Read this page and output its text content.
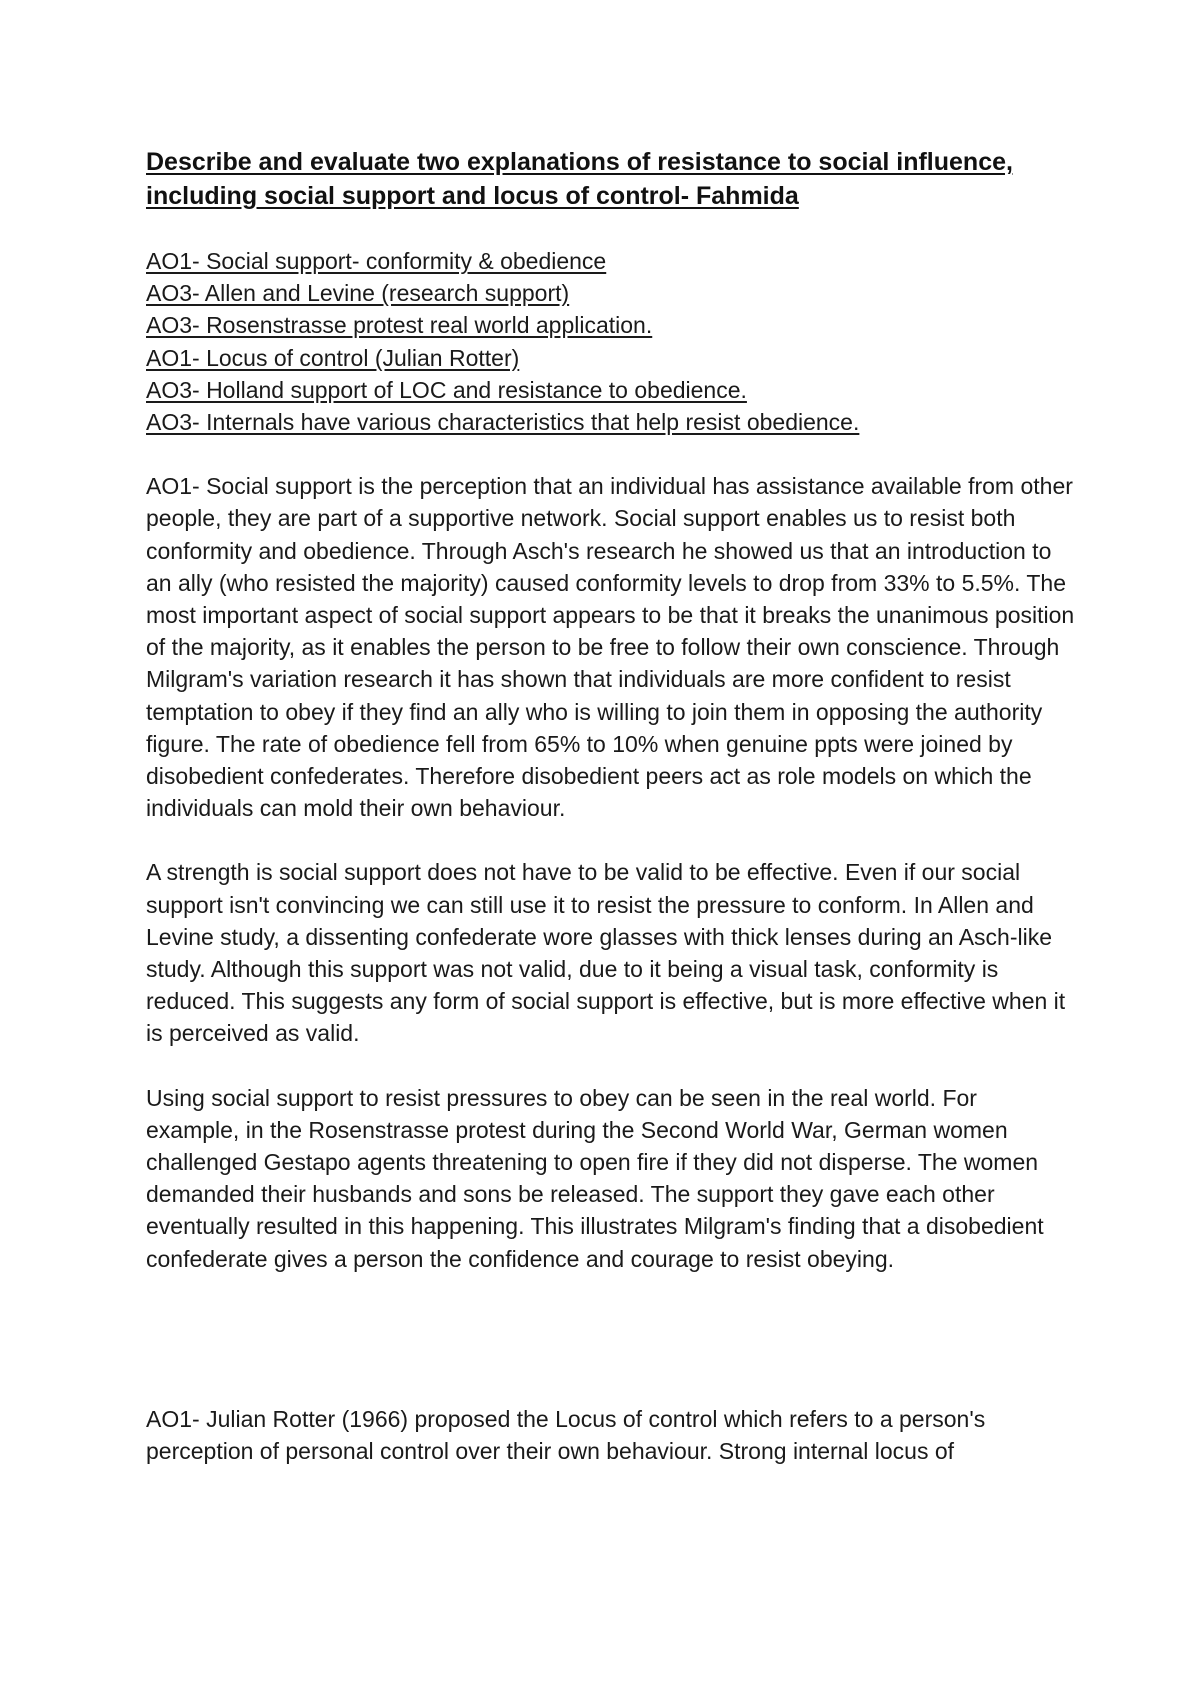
Describe and evaluate two explanations of resistance to social influence, including social support and locus of control- Fahmida
AO1- Social support- conformity & obedience
AO3- Allen and Levine (research support)
AO3- Rosenstrasse protest real world application.
AO1- Locus of control (Julian Rotter)
AO3- Holland support of LOC and resistance to obedience.
AO3- Internals have various characteristics that help resist obedience.

AO1- Social support is the perception that an individual has assistance available from other people, they are part of a supportive network. Social support enables us to resist both conformity and obedience. Through Asch's research he showed us that an introduction to an ally (who resisted the majority) caused conformity levels to drop from 33% to 5.5%. The most important aspect of social support appears to be that it breaks the unanimous position of the majority, as it enables the person to be free to follow their own conscience. Through Milgram's variation research it has shown that individuals are more confident to resist temptation to obey if they find an ally who is willing to join them in opposing the authority figure. The rate of obedience fell from 65% to 10% when genuine ppts were joined by disobedient confederates. Therefore disobedient peers act as role models on which the individuals can mold their own behaviour.

A strength is social support does not have to be valid to be effective. Even if our social support isn't convincing we can still use it to resist the pressure to conform. In Allen and Levine study, a dissenting confederate wore glasses with thick lenses during an Asch-like study. Although this support was not valid, due to it being a visual task, conformity is reduced. This suggests any form of social support is effective, but is more effective when it is perceived as valid.

Using social support to resist pressures to obey can be seen in the real world. For example, in the Rosenstrasse protest during the Second World War, German women challenged Gestapo agents threatening to open fire if they did not disperse. The women demanded their husbands and sons be released. The support they gave each other eventually resulted in this happening. This illustrates Milgram's finding that a disobedient confederate gives a person the confidence and courage to resist obeying.

AO1- Julian Rotter (1966) proposed the Locus of control which refers to a person's perception of personal control over their own behaviour. Strong internal locus of
